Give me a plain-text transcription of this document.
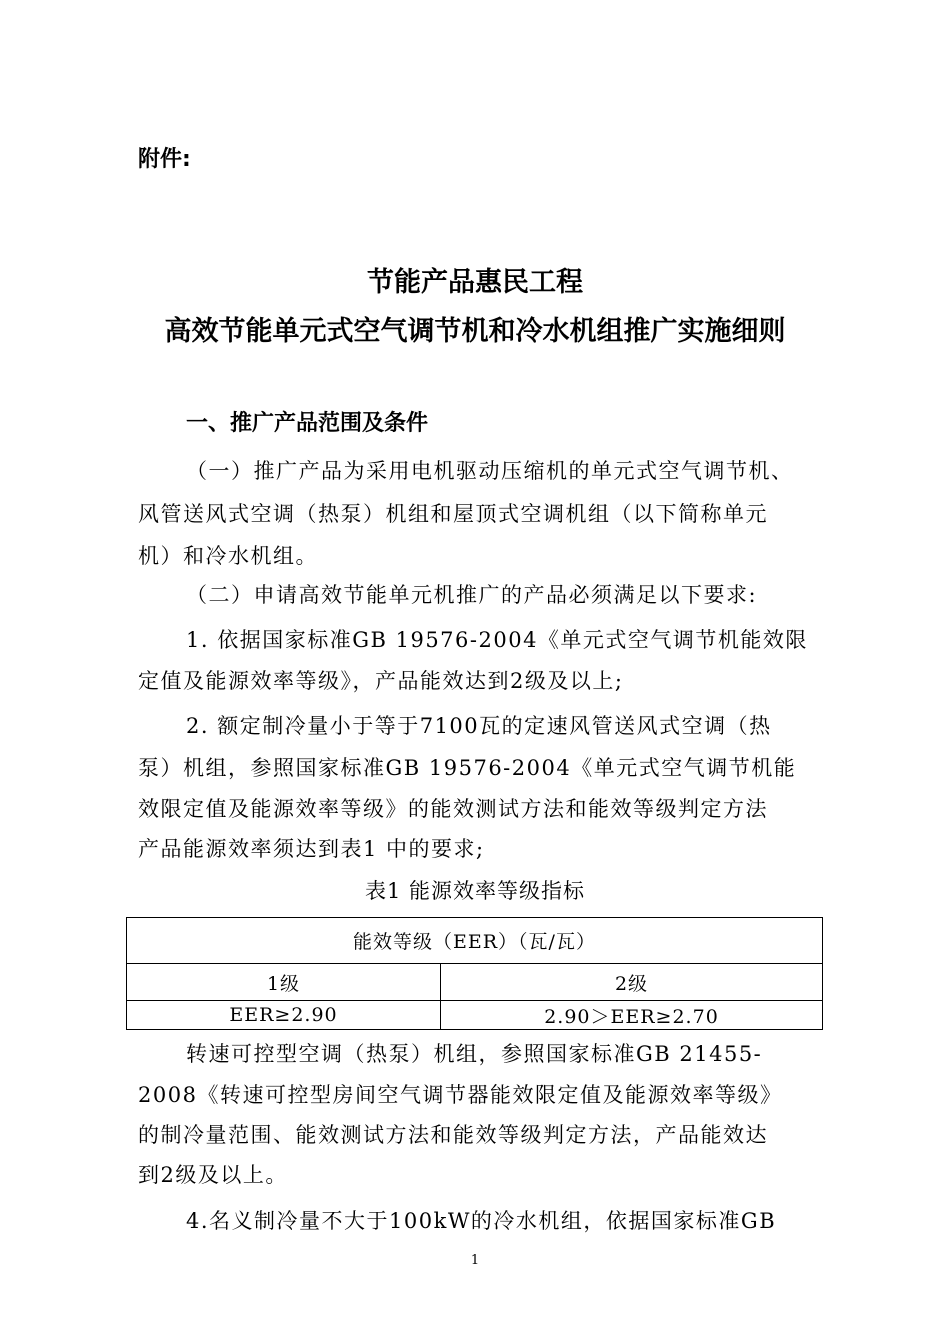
附件:
节能产品惠民工程
高效节能单元式空气调节机和冷水机组推广实施细则
一、推广产品范围及条件
（一）推广产品为采用电机驱动压缩机的单元式空气调节机、
风管送风式空调（热泵）机组和屋顶式空调机组（以下简称单元
机）和冷水机组。
（二）申请高效节能单元机推广的产品必须满足以下要求:
1. 依据国家标准GB 19576-2004《单元式空气调节机能效限
定值及能源效率等级》，产品能效达到2级及以上;
2. 额定制冷量小于等于7100瓦的定速风管送风式空调（热
泵）机组，参照国家标准GB 19576-2004《单元式空气调节机能
效限定值及能源效率等级》的能效测试方法和能效等级判定方法
产品能源效率须达到表1 中的要求;
表1 能源效率等级指标
能效等级（EER）（瓦/瓦）	
1级	2级
EER≥2.90	2.90＞EER≥2.70
转速可控型空调（热泵）机组，参照国家标准GB 21455-
2008《转速可控型房间空气调节器能效限定值及能源效率等级》
的制冷量范围、能效测试方法和能效等级判定方法，产品能效达
到2级及以上。
4.名义制冷量不大于100kW的冷水机组，依据国家标准GB
1
